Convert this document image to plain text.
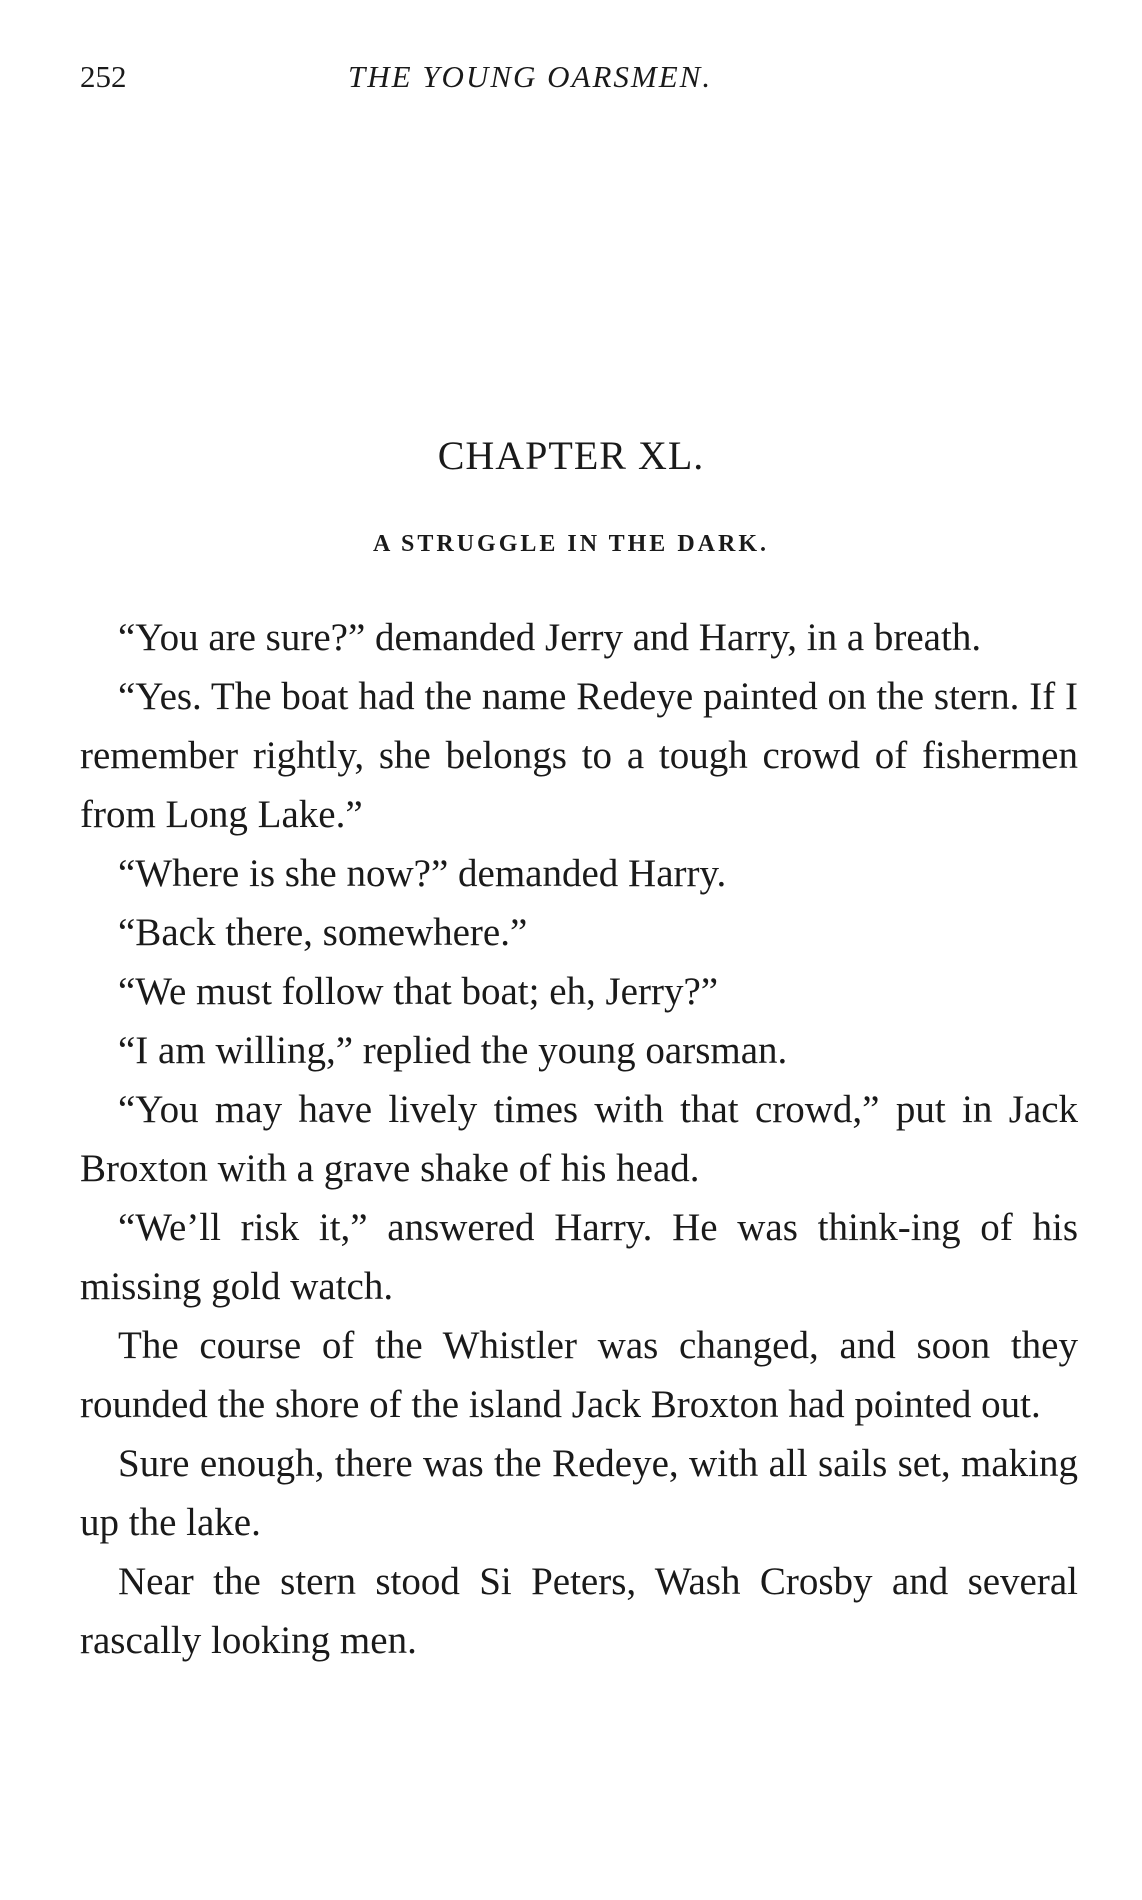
252	THE YOUNG OARSMEN.
CHAPTER XL.
A STRUGGLE IN THE DARK.

“You are sure?” demanded Jerry and Harry, in a breath.

“Yes. The boat had the name Redeye painted on the stern. If I remember rightly, she belongs to a tough crowd of fishermen from Long Lake.”

“Where is she now?” demanded Harry.

“Back there, somewhere.”

“We must follow that boat; eh, Jerry?”

“I am willing,” replied the young oarsman.

“You may have lively times with that crowd,” put in Jack Broxton with a grave shake of his head.

“We’ll risk it,” answered Harry. He was think-ing of his missing gold watch.

The course of the Whistler was changed, and soon they rounded the shore of the island Jack Broxton had pointed out.

Sure enough, there was the Redeye, with all sails set, making up the lake.

Near the stern stood Si Peters, Wash Crosby and several rascally looking men.
